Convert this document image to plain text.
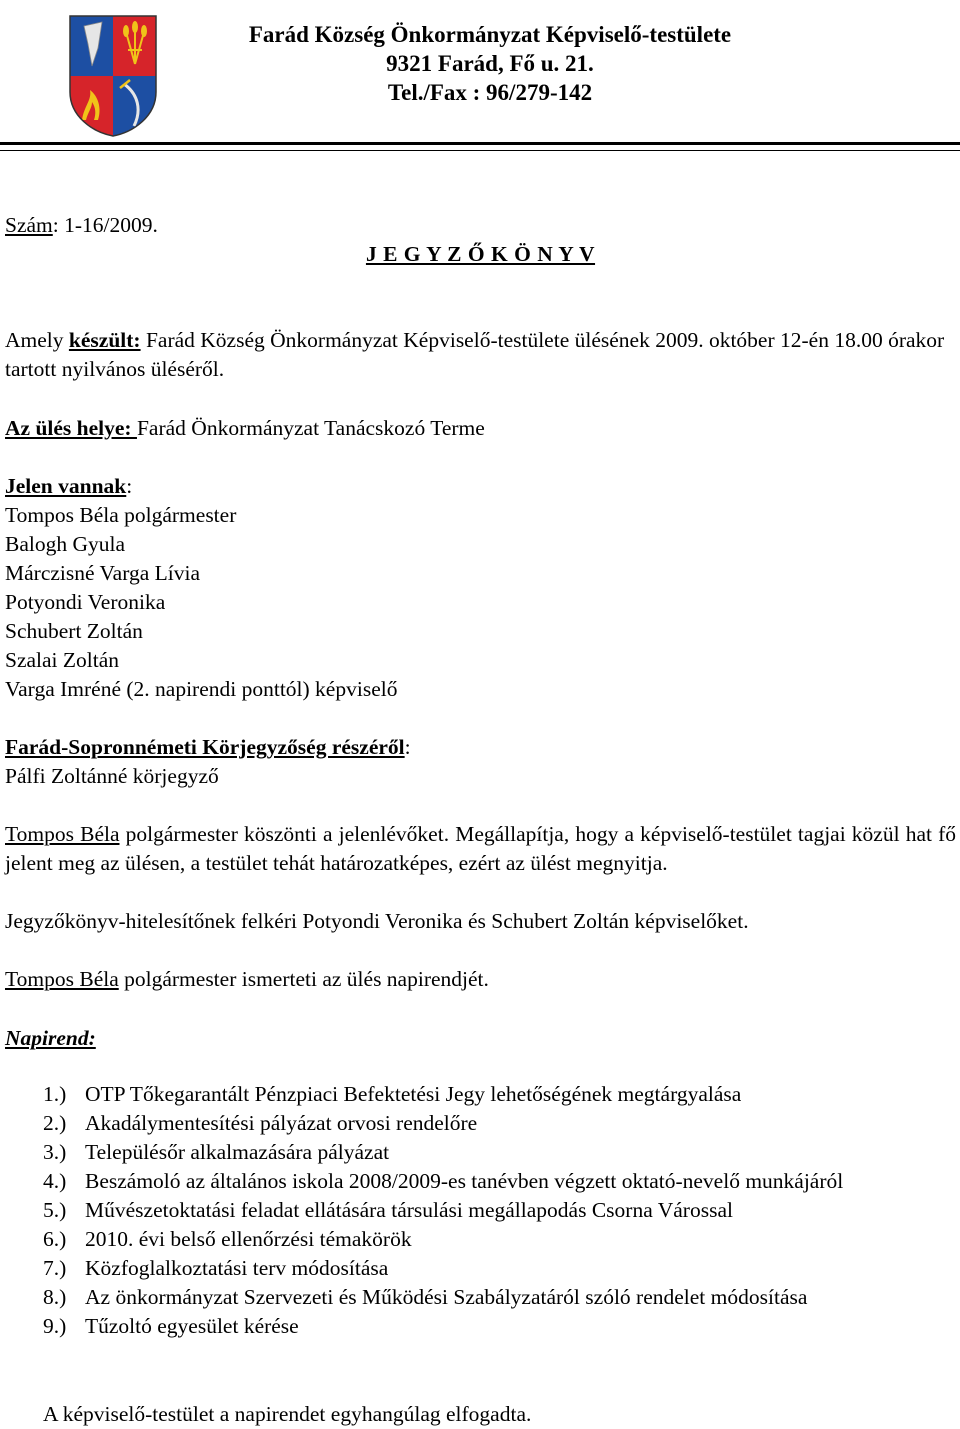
Farád Község Önkormányzat Képviselő-testülete
9321 Farád, Fő u. 21.
Tel./Fax : 96/279-142
Szám: 1-16/2009.
J E G Y Z Ő K Ö N Y V
Amely készült: Farád Község Önkormányzat Képviselő-testülete ülésének 2009. október 12-én 18.00 órakor tartott nyilvános üléséről.
Az ülés helye: Farád Önkormányzat Tanácskozó Terme
Jelen vannak:
Tompos Béla polgármester
Balogh Gyula
Márczisné Varga Lívia
Potyondi Veronika
Schubert Zoltán
Szalai Zoltán
Varga Imréné (2. napirendi ponttól) képviselő
Farád-Sopronnémeti Körjegyzőség részéről:
Pálfi Zoltánné körjegyző
Tompos Béla polgármester köszönti a jelenlévőket. Megállapítja, hogy a képviselő-testület tagjai közül hat fő jelent meg az ülésen, a testület tehát határozatképes, ezért az ülést megnyitja.
Jegyzőkönyv-hitelesítőnek felkéri Potyondi Veronika és Schubert Zoltán képviselőket.
Tompos Béla polgármester ismerteti az ülés napirendjét.
Napirend:
1.) OTP Tőkegarantált Pénzpiaci Befektetési Jegy lehetőségének megtárgyalása
2.) Akadálymentesítési pályázat orvosi rendelőre
3.) Településőr alkalmazására pályázat
4.) Beszámoló az általános iskola 2008/2009-es tanévben végzett oktató-nevelő munkájáról
5.) Művészetoktatási feladat ellátására társulási megállapodás Csorna Várossal
6.) 2010. évi belső ellenőrzési témakörök
7.) Közfoglalkoztatási terv módosítása
8.) Az önkormányzat Szervezeti és Működési Szabályzatáról szóló rendelet módosítása
9.) Tűzoltó egyesület kérése
A képviselő-testület a napirendet egyhangúlag elfogadta.
